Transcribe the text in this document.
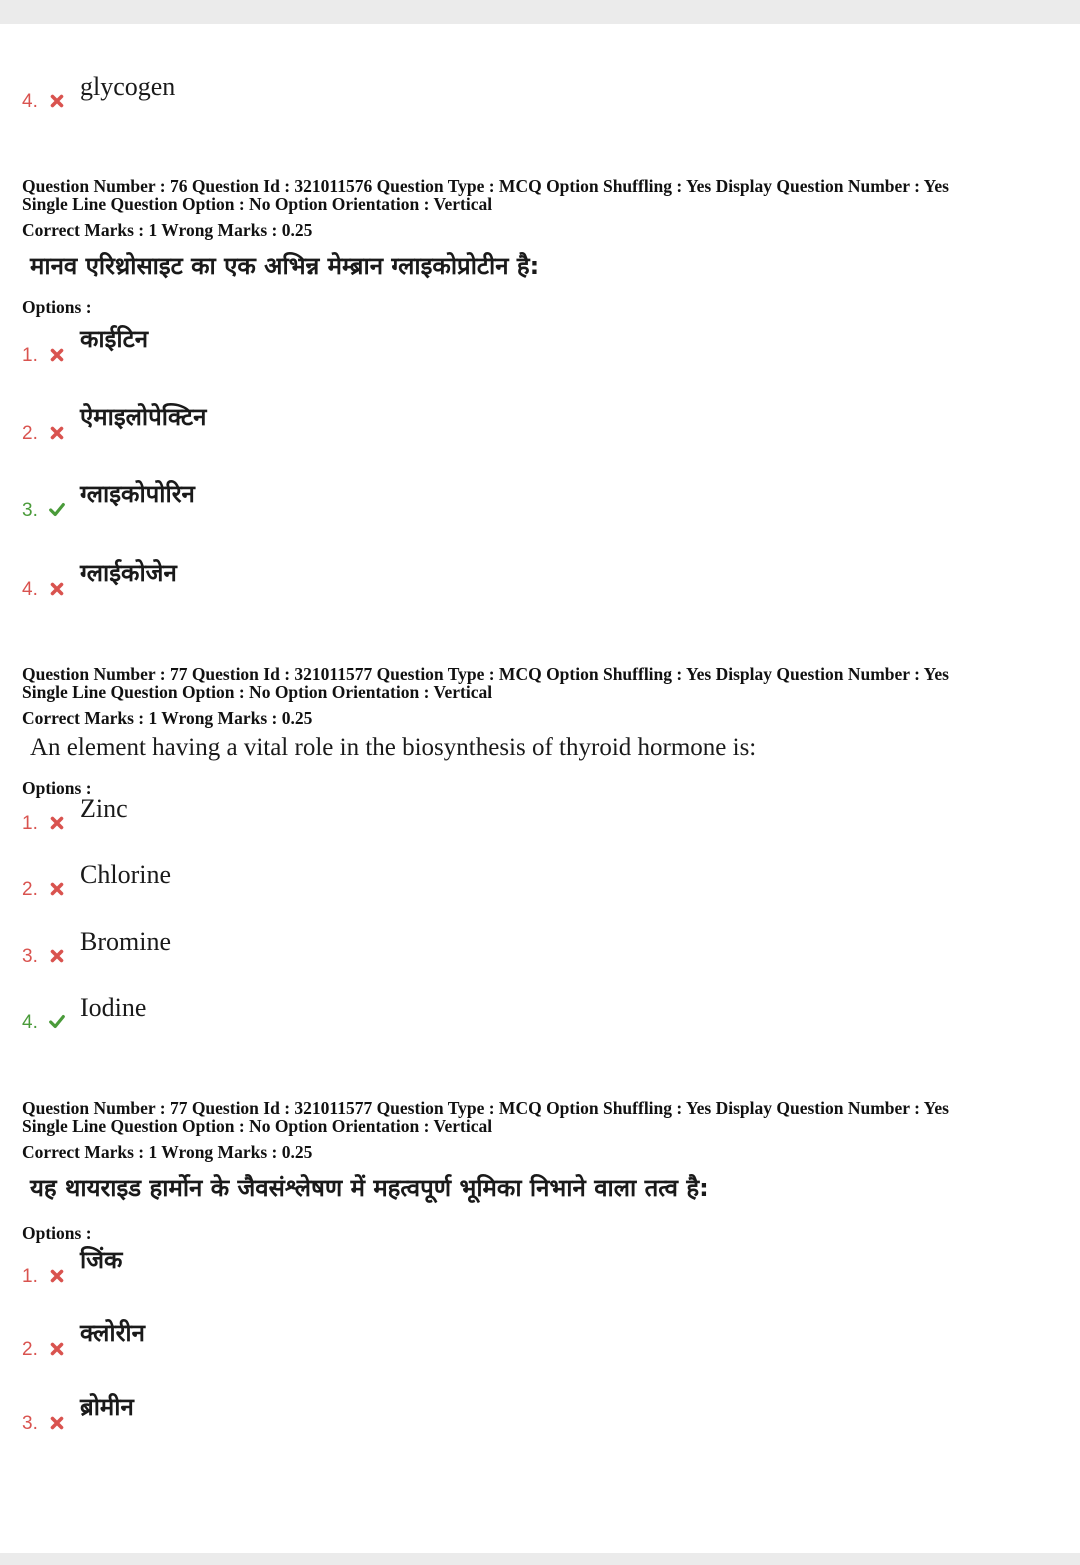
4.
glycogen
Question Number : 76 Question Id : 321011576 Question Type : MCQ Option Shuffling : Yes Display Question Number : Yes
Single Line Question Option : No Option Orientation : Vertical
Correct Marks : 1 Wrong Marks : 0.25
मानव एरिथ्रोसाइट का एक अभिन्न मेम्ब्रान ग्लाइकोप्रोटीन है:
Options :
1.
काईटिन
2.
ऐमाइलोपेक्टिन
3.
ग्लाइकोपोरिन
4.
ग्लाईकोजेन
Question Number : 77 Question Id : 321011577 Question Type : MCQ Option Shuffling : Yes Display Question Number : Yes
Single Line Question Option : No Option Orientation : Vertical
Correct Marks : 1 Wrong Marks : 0.25
An element having a vital role in the biosynthesis of thyroid hormone is:
Options :
1.
Zinc
2.
Chlorine
3.
Bromine
4.
Iodine
Question Number : 77 Question Id : 321011577 Question Type : MCQ Option Shuffling : Yes Display Question Number : Yes
Single Line Question Option : No Option Orientation : Vertical
Correct Marks : 1 Wrong Marks : 0.25
यह थायराइड हार्मोन के जैवसंश्लेषण में महत्वपूर्ण भूमिका निभाने वाला तत्व है:
Options :
1.
जिंक
2.
क्लोरीन
3.
ब्रोमीन
